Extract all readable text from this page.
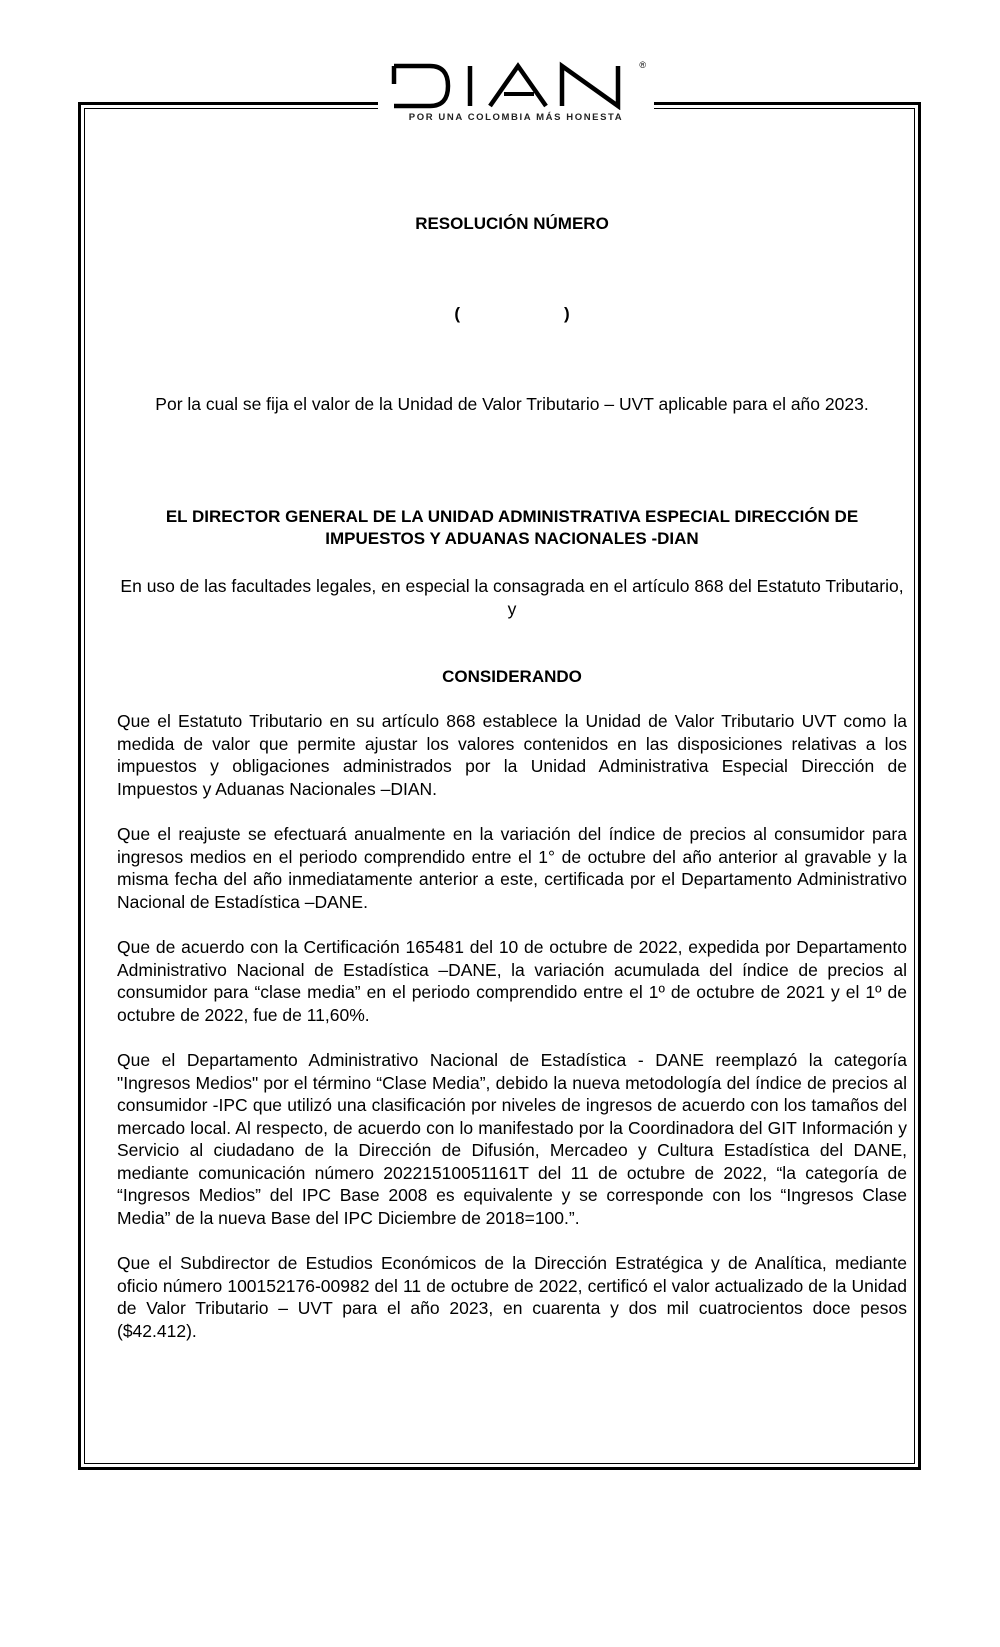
®
POR UNA COLOMBIA MÁS HONESTA
RESOLUCIÓN NÚMERO
(	)
Por la cual se fija el valor de la Unidad de Valor Tributario – UVT aplicable para el año 2023.
EL DIRECTOR GENERAL DE LA UNIDAD ADMINISTRATIVA ESPECIAL DIRECCIÓN DE IMPUESTOS Y ADUANAS NACIONALES -DIAN
En uso de las facultades legales, en especial la consagrada en el artículo 868 del Estatuto Tributario, y
CONSIDERANDO

Que el Estatuto Tributario en su artículo 868 establece la Unidad de Valor Tributario UVT como la medida de valor que permite ajustar los valores contenidos en las disposiciones relativas a los impuestos y obligaciones administrados por la Unidad Administrativa Especial Dirección de Impuestos y Aduanas Nacionales –DIAN.

Que el reajuste se efectuará anualmente en la variación del índice de precios al consumidor para ingresos medios en el periodo comprendido entre el 1° de octubre del año anterior al gravable y la misma fecha del año inmediatamente anterior a este, certificada por el Departamento Administrativo Nacional de Estadística –DANE.

Que de acuerdo con la Certificación 165481 del 10 de octubre de 2022, expedida por Departamento Administrativo Nacional de Estadística –DANE, la variación acumulada del índice de precios al consumidor para “clase media” en el periodo comprendido entre el 1º de octubre de 2021 y el 1º de octubre de 2022, fue de 11,60%.

Que el Departamento Administrativo Nacional de Estadística - DANE reemplazó la categoría "Ingresos Medios" por el término “Clase Media”, debido la nueva metodología del índice de precios al consumidor -IPC que utilizó una clasificación por niveles de ingresos de acuerdo con los tamaños del mercado local. Al respecto, de acuerdo con lo manifestado por la Coordinadora del GIT Información y Servicio al ciudadano de la Dirección de Difusión, Mercadeo y Cultura Estadística del DANE, mediante comunicación número 20221510051161T del 11 de octubre de 2022, “la categoría de “Ingresos Medios” del IPC Base 2008 es equivalente y se corresponde con los “Ingresos Clase Media” de la nueva Base del IPC Diciembre de 2018=100.”.

Que el Subdirector de Estudios Económicos de la Dirección Estratégica y de Analítica, mediante oficio número 100152176-00982 del 11 de octubre de 2022, certificó el valor actualizado de la Unidad de Valor Tributario – UVT para el año 2023, en cuarenta y dos mil cuatrocientos doce pesos ($42.412).
